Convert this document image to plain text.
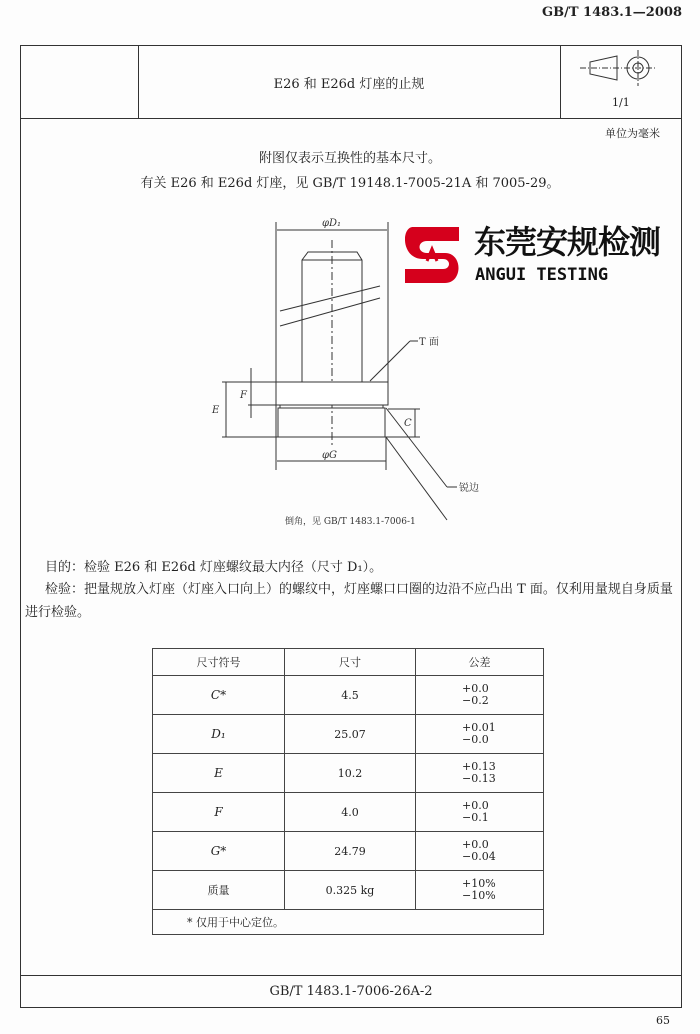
GB/T 1483.1—2008
E26 和 E26d 灯座的止规
1/1
单位为毫米
附图仅表示互换性的基本尺寸。
有关 E26 和 E26d 灯座，见 GB/T 19148.1-7005-21A 和 7005-29。
φD₁
φG
E
F
C
T 面
锐边
倒角，见 GB/T 1483.1-7006-1
东莞安规检测
ANGUI TESTING
目的：检验 E26 和 E26d 灯座螺纹最大内径（尺寸 D₁）。
检验：把量规放入灯座（灯座入口向上）的螺纹中，灯座螺口口圈的边沿不应凸出 T 面。仅利用量规自身质量进行检验。
尺寸符号	尺寸	公差
C*	4.5	+0.0
−0.2

D₁	25.07	+0.01
−0.0

E	10.2	+0.13
−0.13

F	4.0	+0.0
−0.1

G*	24.79	+0.0
−0.04

质量	0.325 kg	+10%
−10%

* 仅用于中心定位。		
GB/T 1483.1-7006-26A-2
65
